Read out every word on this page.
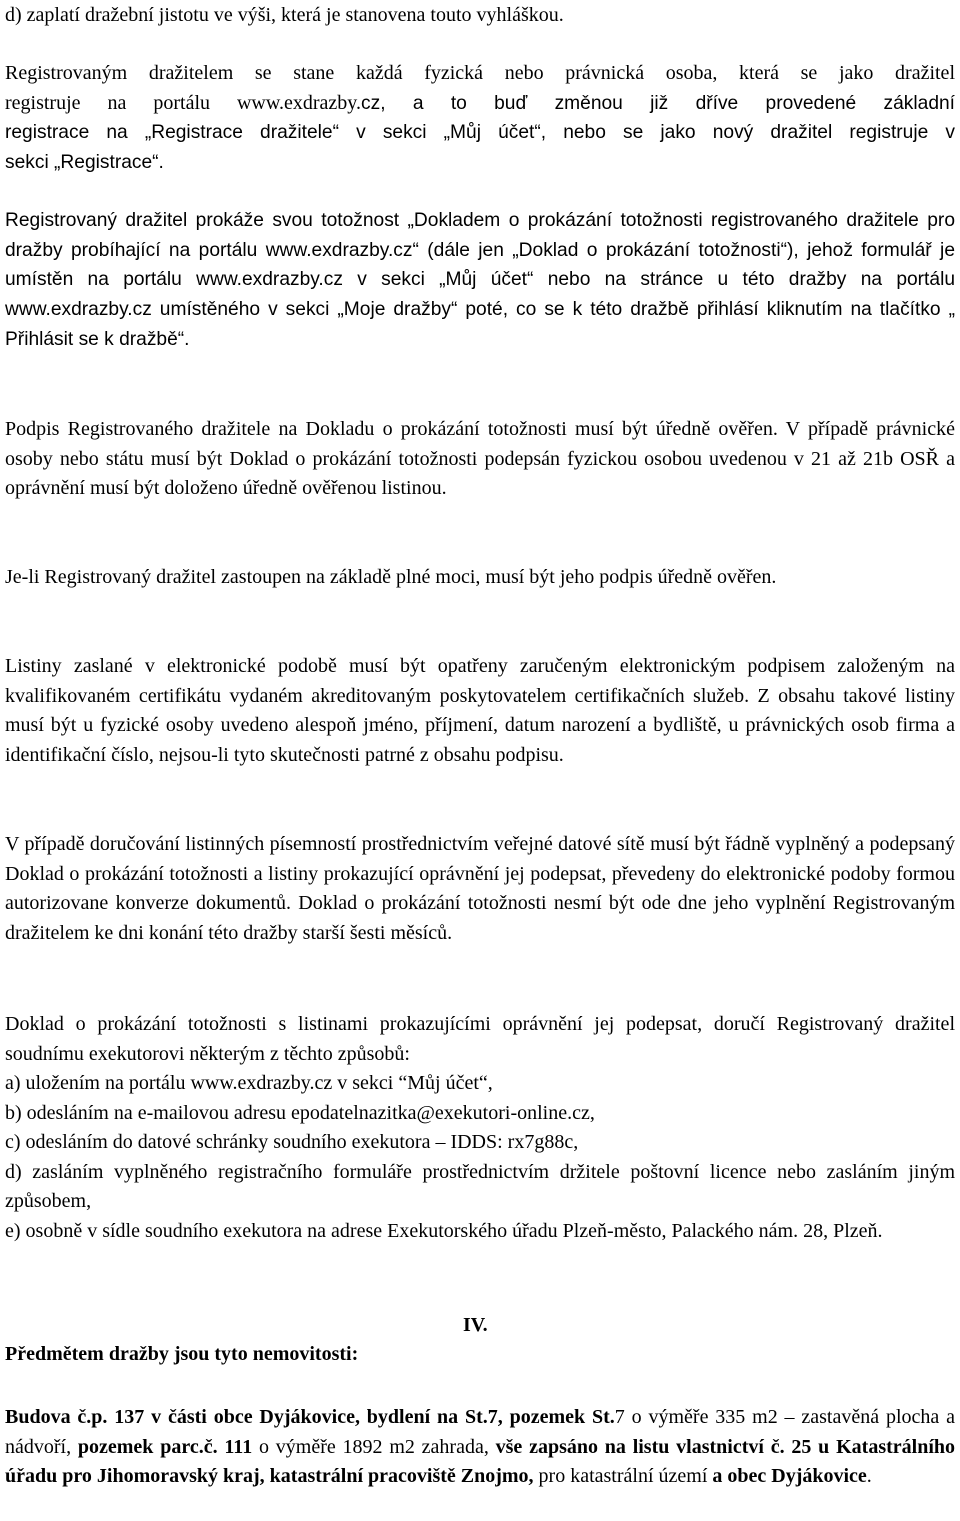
d) zaplatí dražební jistotu ve výši, která je stanovena touto vyhláškou.

Registrovaným dražitelem se stane každá fyzická nebo právnická osoba, která se jako dražitel
registruje na portálu www.exdrazby.cz, a to buď změnou již dříve provedené základní
registrace na „Registrace dražitele“ v sekci „Můj účet“, nebo se jako nový dražitel registruje v
sekci „Registrace“.

Registrovaný dražitel prokáže svou totožnost „Dokladem o prokázání totožnosti registrovaného dražitele pro dražby probíhající na portálu www.exdrazby.cz“ (dále jen „Doklad o prokázání totožnosti“), jehož formulář je umístěn na portálu www.exdrazby.cz v sekci „Můj účet“ nebo na stránce u této dražby na portálu www.exdrazby.cz umístěného v sekci „Moje dražby“ poté, co se k této dražbě přihlásí kliknutím na tlačítko „ Přihlásit se k dražbě“.

Podpis Registrovaného dražitele na Dokladu o prokázání totožnosti musí být úředně ověřen. V případě právnické osoby nebo státu musí být Doklad o prokázání totožnosti podepsán fyzickou osobou uvedenou v 21 až 21b OSŘ a oprávnění musí být doloženo úředně ověřenou listinou.

Je-li Registrovaný dražitel zastoupen na základě plné moci, musí být jeho podpis úředně ověřen.

Listiny zaslané v elektronické podobě musí být opatřeny zaručeným elektronickým podpisem založeným na kvalifikovaném certifikátu vydaném akreditovaným poskytovatelem certifikačních služeb. Z obsahu takové listiny musí být u fyzické osoby uvedeno alespoň jméno, příjmení, datum narození a bydliště, u právnických osob firma a identifikační číslo, nejsou-li tyto skutečnosti patrné z obsahu podpisu.

V případě doručování listinných písemností prostřednictvím veřejné datové sítě musí být řádně vyplněný a podepsaný Doklad o prokázání totožnosti a listiny prokazující oprávnění jej podepsat, převedeny do elektronické podoby formou autorizovane konverze dokumentů. Doklad o prokázání totožnosti nesmí být ode dne jeho vyplnění Registrovaným dražitelem ke dni konání této dražby starší šesti měsíců.

Doklad o prokázání totožnosti s listinami prokazujícími oprávnění jej podepsat, doručí Registrovaný dražitel soudnímu exekutorovi některým z těchto způsobů:
a) uložením na portálu www.exdrazby.cz v sekci “Můj účet“,
b) odesláním na e-mailovou adresu epodatelnazitka@exekutori-online.cz,
c) odesláním do datové schránky soudního exekutora – IDDS: rx7g88c,
d) zasláním vyplněného registračního formuláře prostřednictvím držitele poštovní licence nebo zasláním jiným způsobem,
e) osobně v sídle soudního exekutora na adrese Exekutorského úřadu Plzeň-město, Palackého nám. 28, Plzeň.
IV.
Předmětem dražby jsou tyto nemovitosti:

Budova č.p. 137 v části obce Dyjákovice, bydlení na St.7, pozemek St.7 o výměře 335 m2 – zastavěná plocha a nádvoří, pozemek parc.č. 111 o výměře 1892 m2 zahrada, vše zapsáno na listu vlastnictví č. 25 u Katastrálního úřadu pro Jihomoravský kraj, katastrální pracoviště Znojmo, pro katastrální území a obec Dyjákovice.
